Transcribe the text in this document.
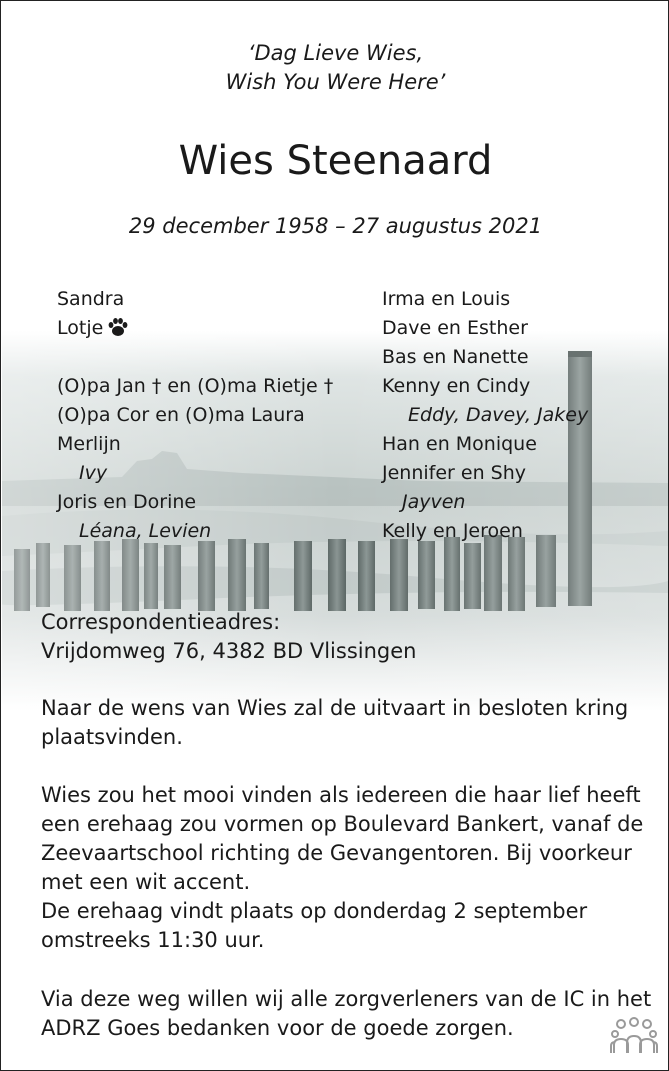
‘Dag Lieve Wies,
Wish You Were Here’
Wies Steenaard
29 december 1958 – 27 augustus 2021
Sandra
Lotje
(O)pa Jan † en (O)ma Rietje †
(O)pa Cor en (O)ma Laura
Merlijn
Ivy
Joris en Dorine
Léana, Levien
Irma en Louis
Dave en Esther
Bas en Nanette
Kenny en Cindy
Eddy, Davey, Jakey
Han en Monique
Jennifer en Shy
Jayven
Kelly en Jeroen
Correspondentieadres:
Vrijdomweg 76, 4382 BD Vlissingen
Naar de wens van Wies zal de uitvaart in besloten kring
plaatsvinden.
Wies zou het mooi vinden als iedereen die haar lief heeft
een erehaag zou vormen op Boulevard Bankert, vanaf de
Zeevaartschool richting de Gevangentoren. Bij voorkeur
met een wit accent.
De erehaag vindt plaats op donderdag 2 september
omstreeks 11:30 uur.
Via deze weg willen wij alle zorgverleners van de IC in het
ADRZ Goes bedanken voor de goede zorgen.
